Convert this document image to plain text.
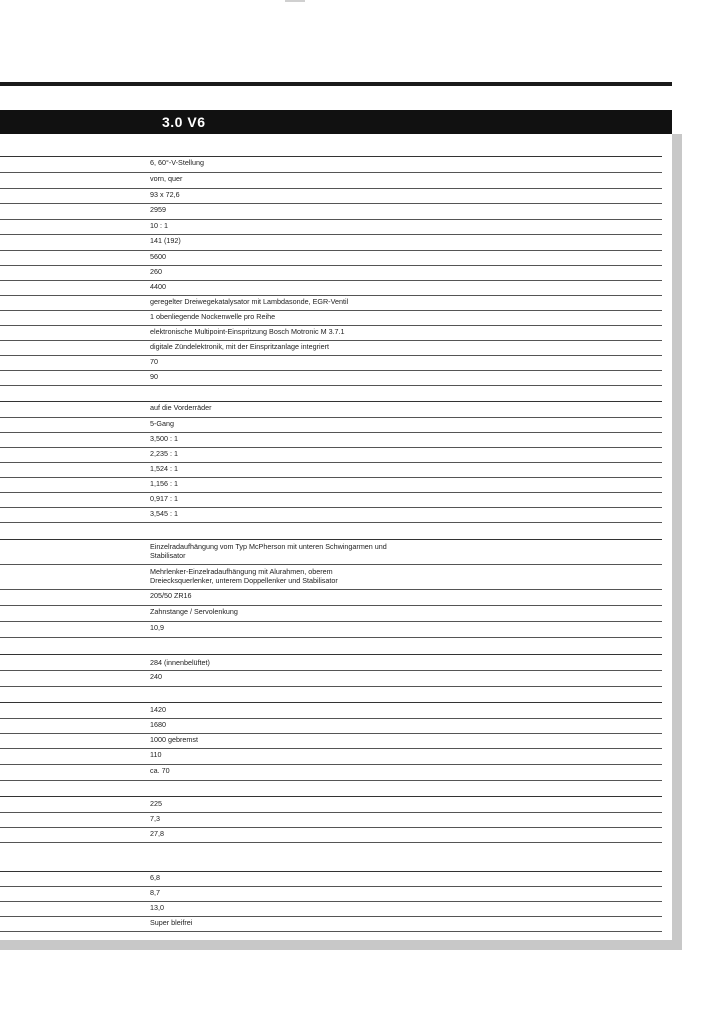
3.0 V6
6, 60°-V-Stellung
vorn, quer
93 x 72,6
2959
10 : 1
141 (192)
5600
260
4400
geregelter Dreiwegekatalysator mit Lambdasonde, EGR-Ventil
1 obenliegende Nockenwelle pro Reihe
elektronische Multipoint-Einspritzung Bosch Motronic M 3.7.1
digitale Zündelektronik, mit der Einspritzanlage integriert
70
90
auf die Vorderräder
5-Gang
3,500 : 1
2,235 : 1
1,524 : 1
1,156 : 1
0,917 : 1
3,545 : 1
Einzelradaufhängung vom Typ McPherson mit unteren Schwingarmen und Stabilisator
Mehrlenker-Einzelradaufhängung mit Alurahmen, oberem Dreiecksquerlenker, unterem Doppellenker und Stabilisator
205/50 ZR16
Zahnstange / Servolenkung
10,9
284 (innenbelüftet)
240
1420
1680
1000 gebremst
110
ca. 70
225
7,3
27,8
6,8
8,7
13,0
Super bleifrei
